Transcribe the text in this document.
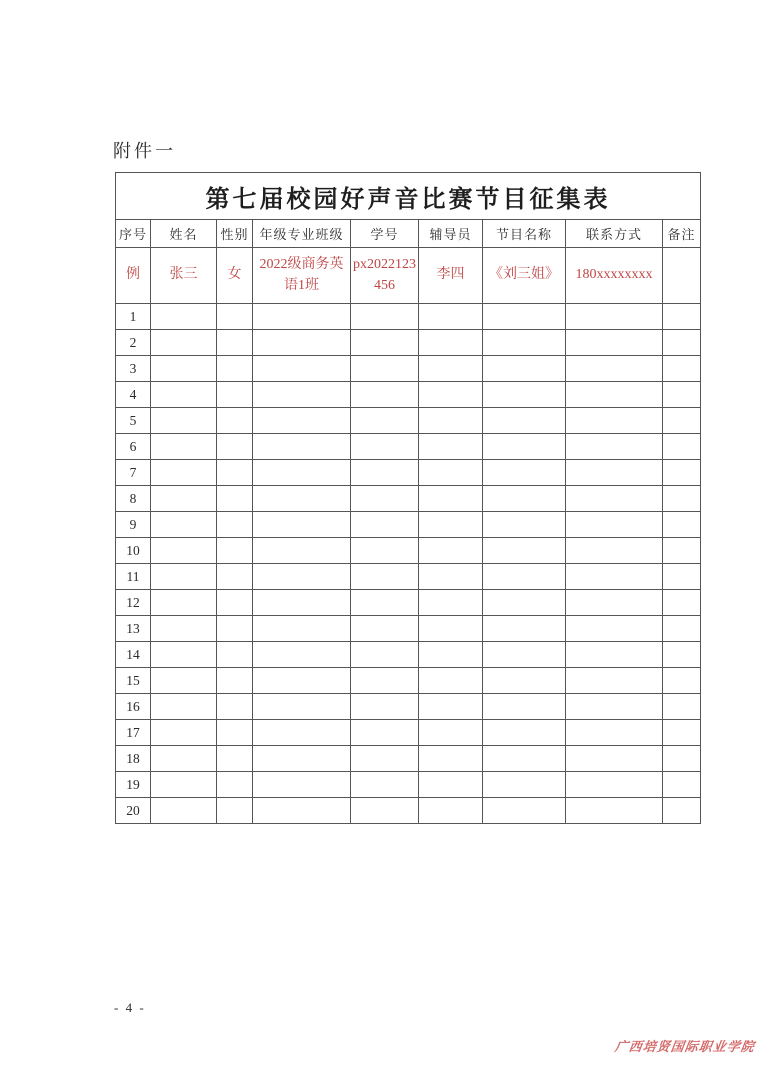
附件一
第七届校园好声音比赛节目征集表								
序号	姓名	性别	年级专业班级	学号	辅导员	节目名称	联系方式	备注
例	张三	女	2022级商务英语1班	px2022123456	李四	《刘三姐》	180xxxxxxxx	
1								
2								
3								
4								
5								
6								
7								
8								
9								
10								
11								
12								
13								
14								
15								
16								
17								
18								
19								
20								
- 4 -
广西培贤国际职业学院
